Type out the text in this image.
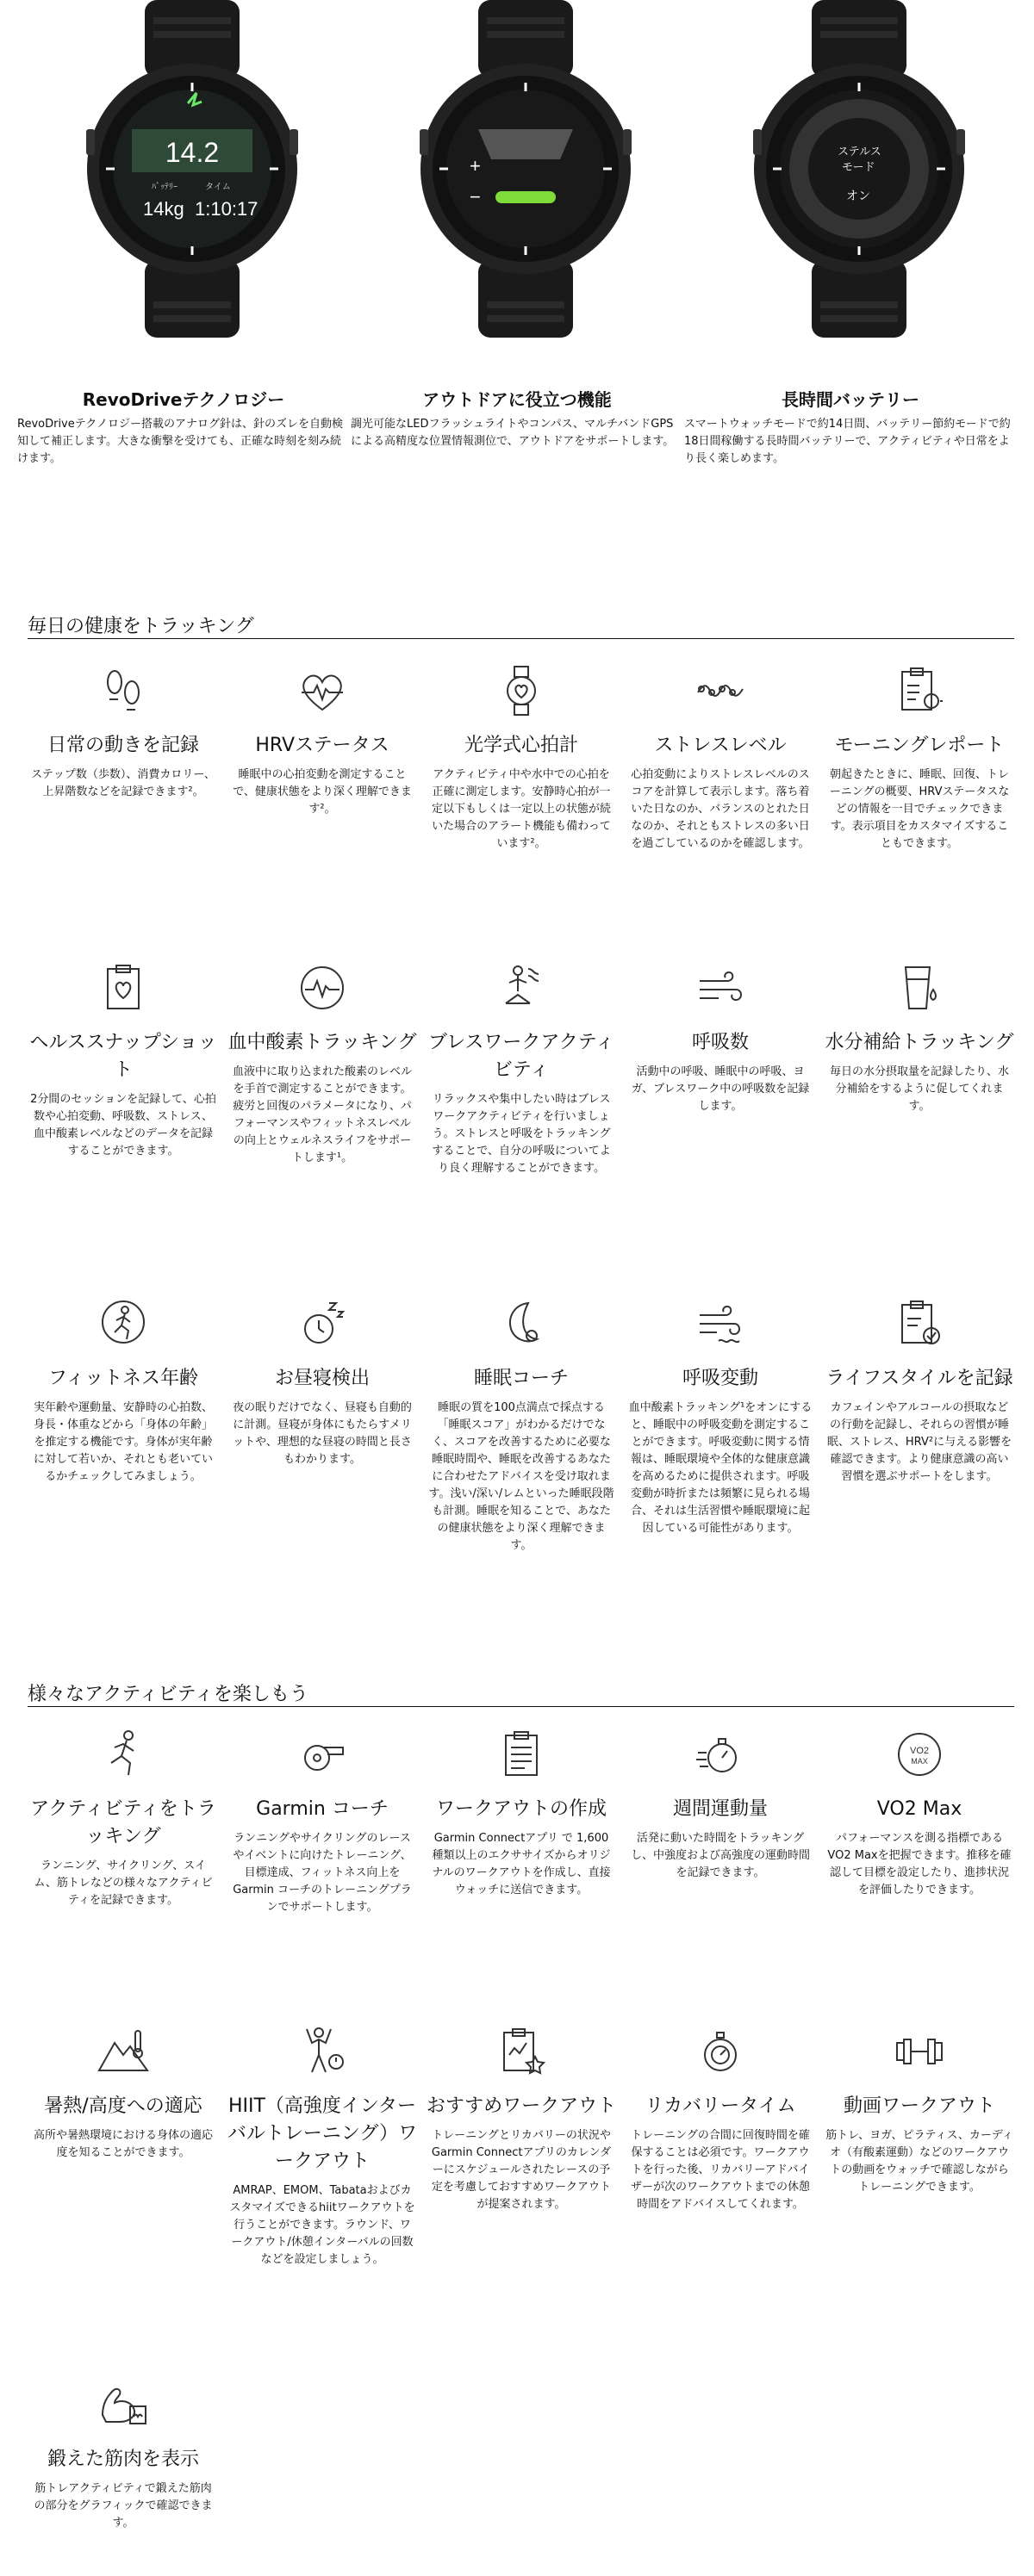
14.2
ﾊﾞｯﾃﾘｰ	タイム
14kg 1:10:17
RevoDriveテクノロジー

RevoDriveテクノロジー搭載のアナログ針は、針のズレを自動検知して補正します。大きな衝撃を受けても、正確な時刻を刻み続けます。

+
−
アウトドアに役立つ機能

調光可能なLEDフラッシュライトやコンパス、マルチバンドGPSによる高精度な位置情報測位で、アウトドアをサポートします。

ステルス
モード
オン
長時間バッテリー

スマートウォッチモードで約14日間、バッテリー節約モードで約18日間稼働する長時間バッテリーで、アクティビティや日常をより長く楽しめます。

毎日の健康をトラッキング
日常の動きを記録

ステップ数（歩数）、消費カロリー、上昇階数などを記録できます²。

HRVステータス

睡眠中の心拍変動を測定することで、健康状態をより深く理解できます²。

光学式心拍計

アクティビティ中や水中での心拍を正確に測定します。安静時心拍が一定以下もしくは一定以上の状態が続いた場合のアラート機能も備わっています²。

ストレスレベル

心拍変動によりストレスレベルのスコアを計算して表示します。落ち着いた日なのか、バランスのとれた日なのか、それともストレスの多い日を過ごしているのかを確認します。

モーニングレポート

朝起きたときに、睡眠、回復、トレーニングの概要、HRVステータスなどの情報を一目でチェックできます。表示項目をカスタマイズすることもできます。

ヘルススナップショット

2分間のセッションを記録して、心拍数や心拍変動、呼吸数、ストレス、血中酸素レベルなどのデータを記録することができます。

血中酸素トラッキング

血液中に取り込まれた酸素のレベルを手首で測定することができます。疲労と回復のパラメータになり、パフォーマンスやフィットネスレベルの向上とウェルネスライフをサポートします¹。

ブレスワークアクティビティ

リラックスや集中したい時はブレスワークアクティビティを行いましょう。ストレスと呼吸をトラッキングすることで、自分の呼吸についてより良く理解することができます。

呼吸数

活動中の呼吸、睡眠中の呼吸、ヨガ、ブレスワーク中の呼吸数を記録します。

水分補給トラッキング

毎日の水分摂取量を記録したり、水分補給をするように促してくれます。

フィットネス年齢

実年齢や運動量、安静時の心拍数、身長・体重などから「身体の年齢」を推定する機能です。身体が実年齢に対して若いか、それとも老いているかチェックしてみましょう。

お昼寝検出

夜の眠りだけでなく、昼寝も自動的に計測。昼寝が身体にもたらすメリットや、理想的な昼寝の時間と長さもわかります。

睡眠コーチ

睡眠の質を100点満点で採点する「睡眠スコア」がわかるだけでなく、スコアを改善するために必要な睡眠時間や、睡眠を改善するあなたに合わせたアドバイスを受け取れます。浅い/深い/レムといった睡眠段階も計測。睡眠を知ることで、あなたの健康状態をより深く理解できます。

呼吸変動

血中酸素トラッキング¹をオンにすると、睡眠中の呼吸変動を測定することができます。呼吸変動に関する情報は、睡眠環境や全体的な健康意識を高めるために提供されます。呼吸変動が時折または頻繁に見られる場合、それは生活習慣や睡眠環境に起因している可能性があります。

ライフスタイルを記録

カフェインやアルコールの摂取などの行動を記録し、それらの習慣が睡眠、ストレス、HRV²に与える影響を確認できます。より健康意識の高い習慣を選ぶサポートをします。

様々なアクティビティを楽しもう
アクティビティをトラッキング

ランニング、サイクリング、スイム、筋トレなどの様々なアクティビティを記録できます。

Garmin コーチ

ランニングやサイクリングのレースやイベントに向けたトレーニング、目標達成、フィットネス向上をGarmin コーチのトレーニングプランでサポートします。

ワークアウトの作成

Garmin Connectアプリ で 1,600 種類以上のエクササイズからオリジナルのワークアウトを作成し、直接ウォッチに送信できます。

週間運動量

活発に動いた時間をトラッキングし、中強度および高強度の運動時間を記録できます。

VO2
MAX
VO2 Max

パフォーマンスを測る指標であるVO2 Maxを把握できます。推移を確認して目標を設定したり、進捗状況を評価したりできます。

暑熱/高度への適応

高所や暑熱環境における身体の適応度を知ることができます。

HIIT（高強度インターバルトレーニング）ワークアウト

AMRAP、EMOM、Tabataおよびカスタマイズできるhiitワークアウトを行うことができます。ラウンド、ワークアウト/休憩インターバルの回数などを設定しましょう。

おすすめワークアウト

トレーニングとリカバリーの状況やGarmin Connectアプリのカレンダーにスケジュールされたレースの予定を考慮しておすすめワークアウトが提案されます。

リカバリータイム

トレーニングの合間に回復時間を確保することは必須です。ワークアウトを行った後、リカバリーアドバイザーが次のワークアウトまでの休憩時間をアドバイスしてくれます。

動画ワークアウト

筋トレ、ヨガ、ピラティス、カーディオ（有酸素運動）などのワークアウトの動画をウォッチで確認しながらトレーニングできます。

鍛えた筋肉を表示

筋トレアクティビティで鍛えた筋肉の部分をグラフィックで確認できます。
